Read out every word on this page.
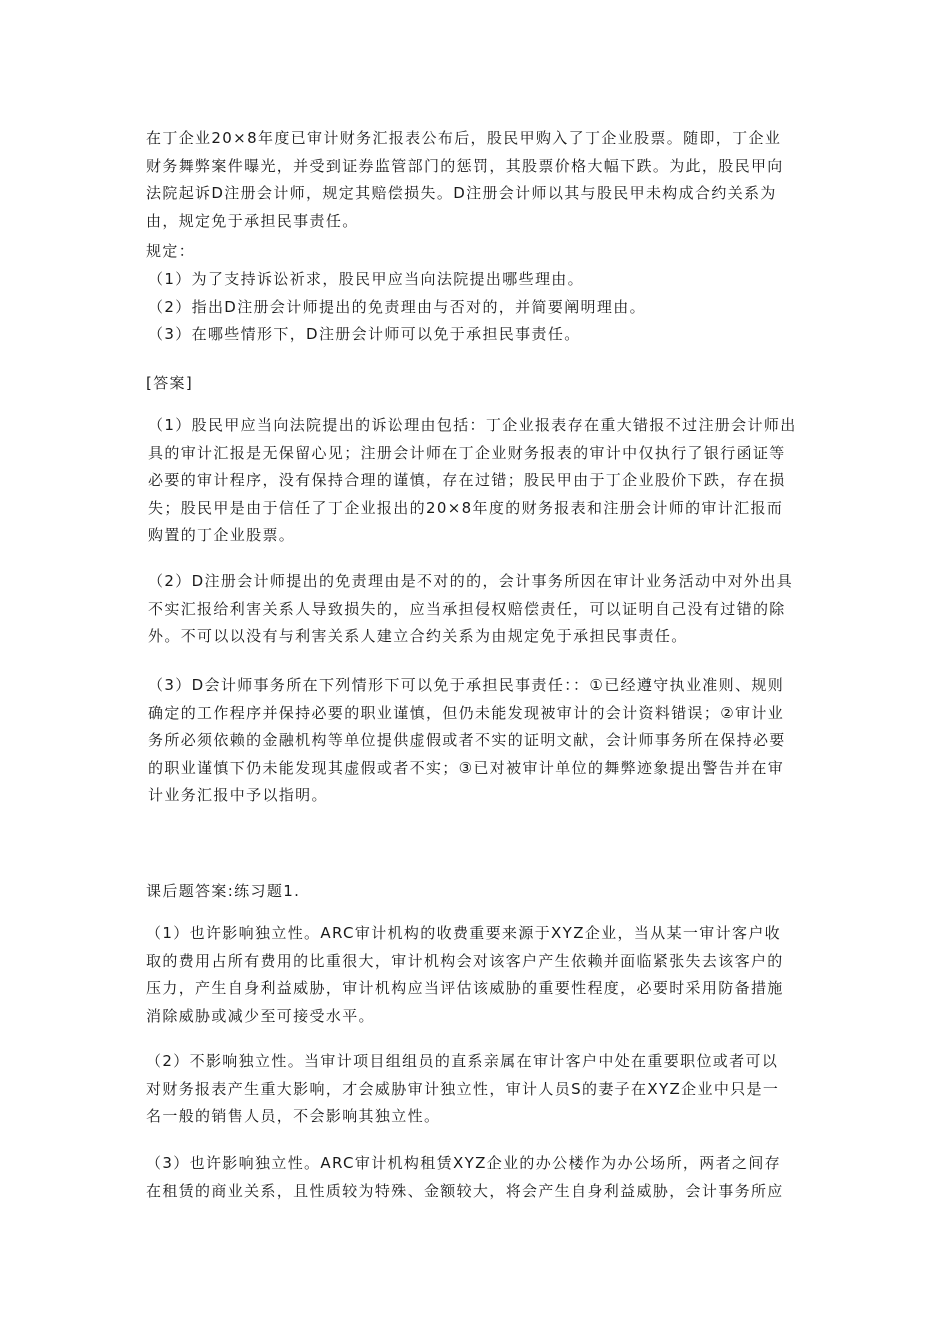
在丁企业20×8年度已审计财务汇报表公布后，股民甲购入了丁企业股票。随即，丁企业

财务舞弊案件曝光，并受到证券监管部门的惩罚，其股票价格大幅下跌。为此，股民甲向

法院起诉D注册会计师，规定其赔偿损失。D注册会计师以其与股民甲未构成合约关系为

由，规定免于承担民事责任。

规定：

（1）为了支持诉讼祈求，股民甲应当向法院提出哪些理由。

（2）指出D注册会计师提出的免责理由与否对的，并简要阐明理由。

（3）在哪些情形下，D注册会计师可以免于承担民事责任。

[答案]

（1）股民甲应当向法院提出的诉讼理由包括：丁企业报表存在重大错报不过注册会计师出

具的审计汇报是无保留心见；注册会计师在丁企业财务报表的审计中仅执行了银行函证等

必要的审计程序，没有保持合理的谨慎，存在过错；股民甲由于丁企业股价下跌，存在损

失；股民甲是由于信任了丁企业报出的20×8年度的财务报表和注册会计师的审计汇报而

购置的丁企业股票。

（2）D注册会计师提出的免责理由是不对的的，会计事务所因在审计业务活动中对外出具

不实汇报给利害关系人导致损失的，应当承担侵权赔偿责任，可以证明自己没有过错的除

外。不可以以没有与利害关系人建立合约关系为由规定免于承担民事责任。

（3）D会计师事务所在下列情形下可以免于承担民事责任：：①已经遵守执业准则、规则

确定的工作程序并保持必要的职业谨慎，但仍未能发现被审计的会计资料错误；②审计业

务所必须依赖的金融机构等单位提供虚假或者不实的证明文献，会计师事务所在保持必要

的职业谨慎下仍未能发现其虚假或者不实；③已对被审计单位的舞弊迹象提出警告并在审

计业务汇报中予以指明。

课后题答案:练习题1.

（1）也许影响独立性。ARC审计机构的收费重要来源于XYZ企业，当从某一审计客户收

取的费用占所有费用的比重很大，审计机构会对该客户产生依赖并面临紧张失去该客户的

压力，产生自身利益威胁，审计机构应当评估该威胁的重要性程度，必要时采用防备措施

消除威胁或减少至可接受水平。

（2）不影响独立性。当审计项目组组员的直系亲属在审计客户中处在重要职位或者可以

对财务报表产生重大影响，才会威胁审计独立性，审计人员S的妻子在XYZ企业中只是一

名一般的销售人员，不会影响其独立性。

（3）也许影响独立性。ARC审计机构租赁XYZ企业的办公楼作为办公场所，两者之间存

在租赁的商业关系，且性质较为特殊、金额较大，将会产生自身利益威胁，会计事务所应
